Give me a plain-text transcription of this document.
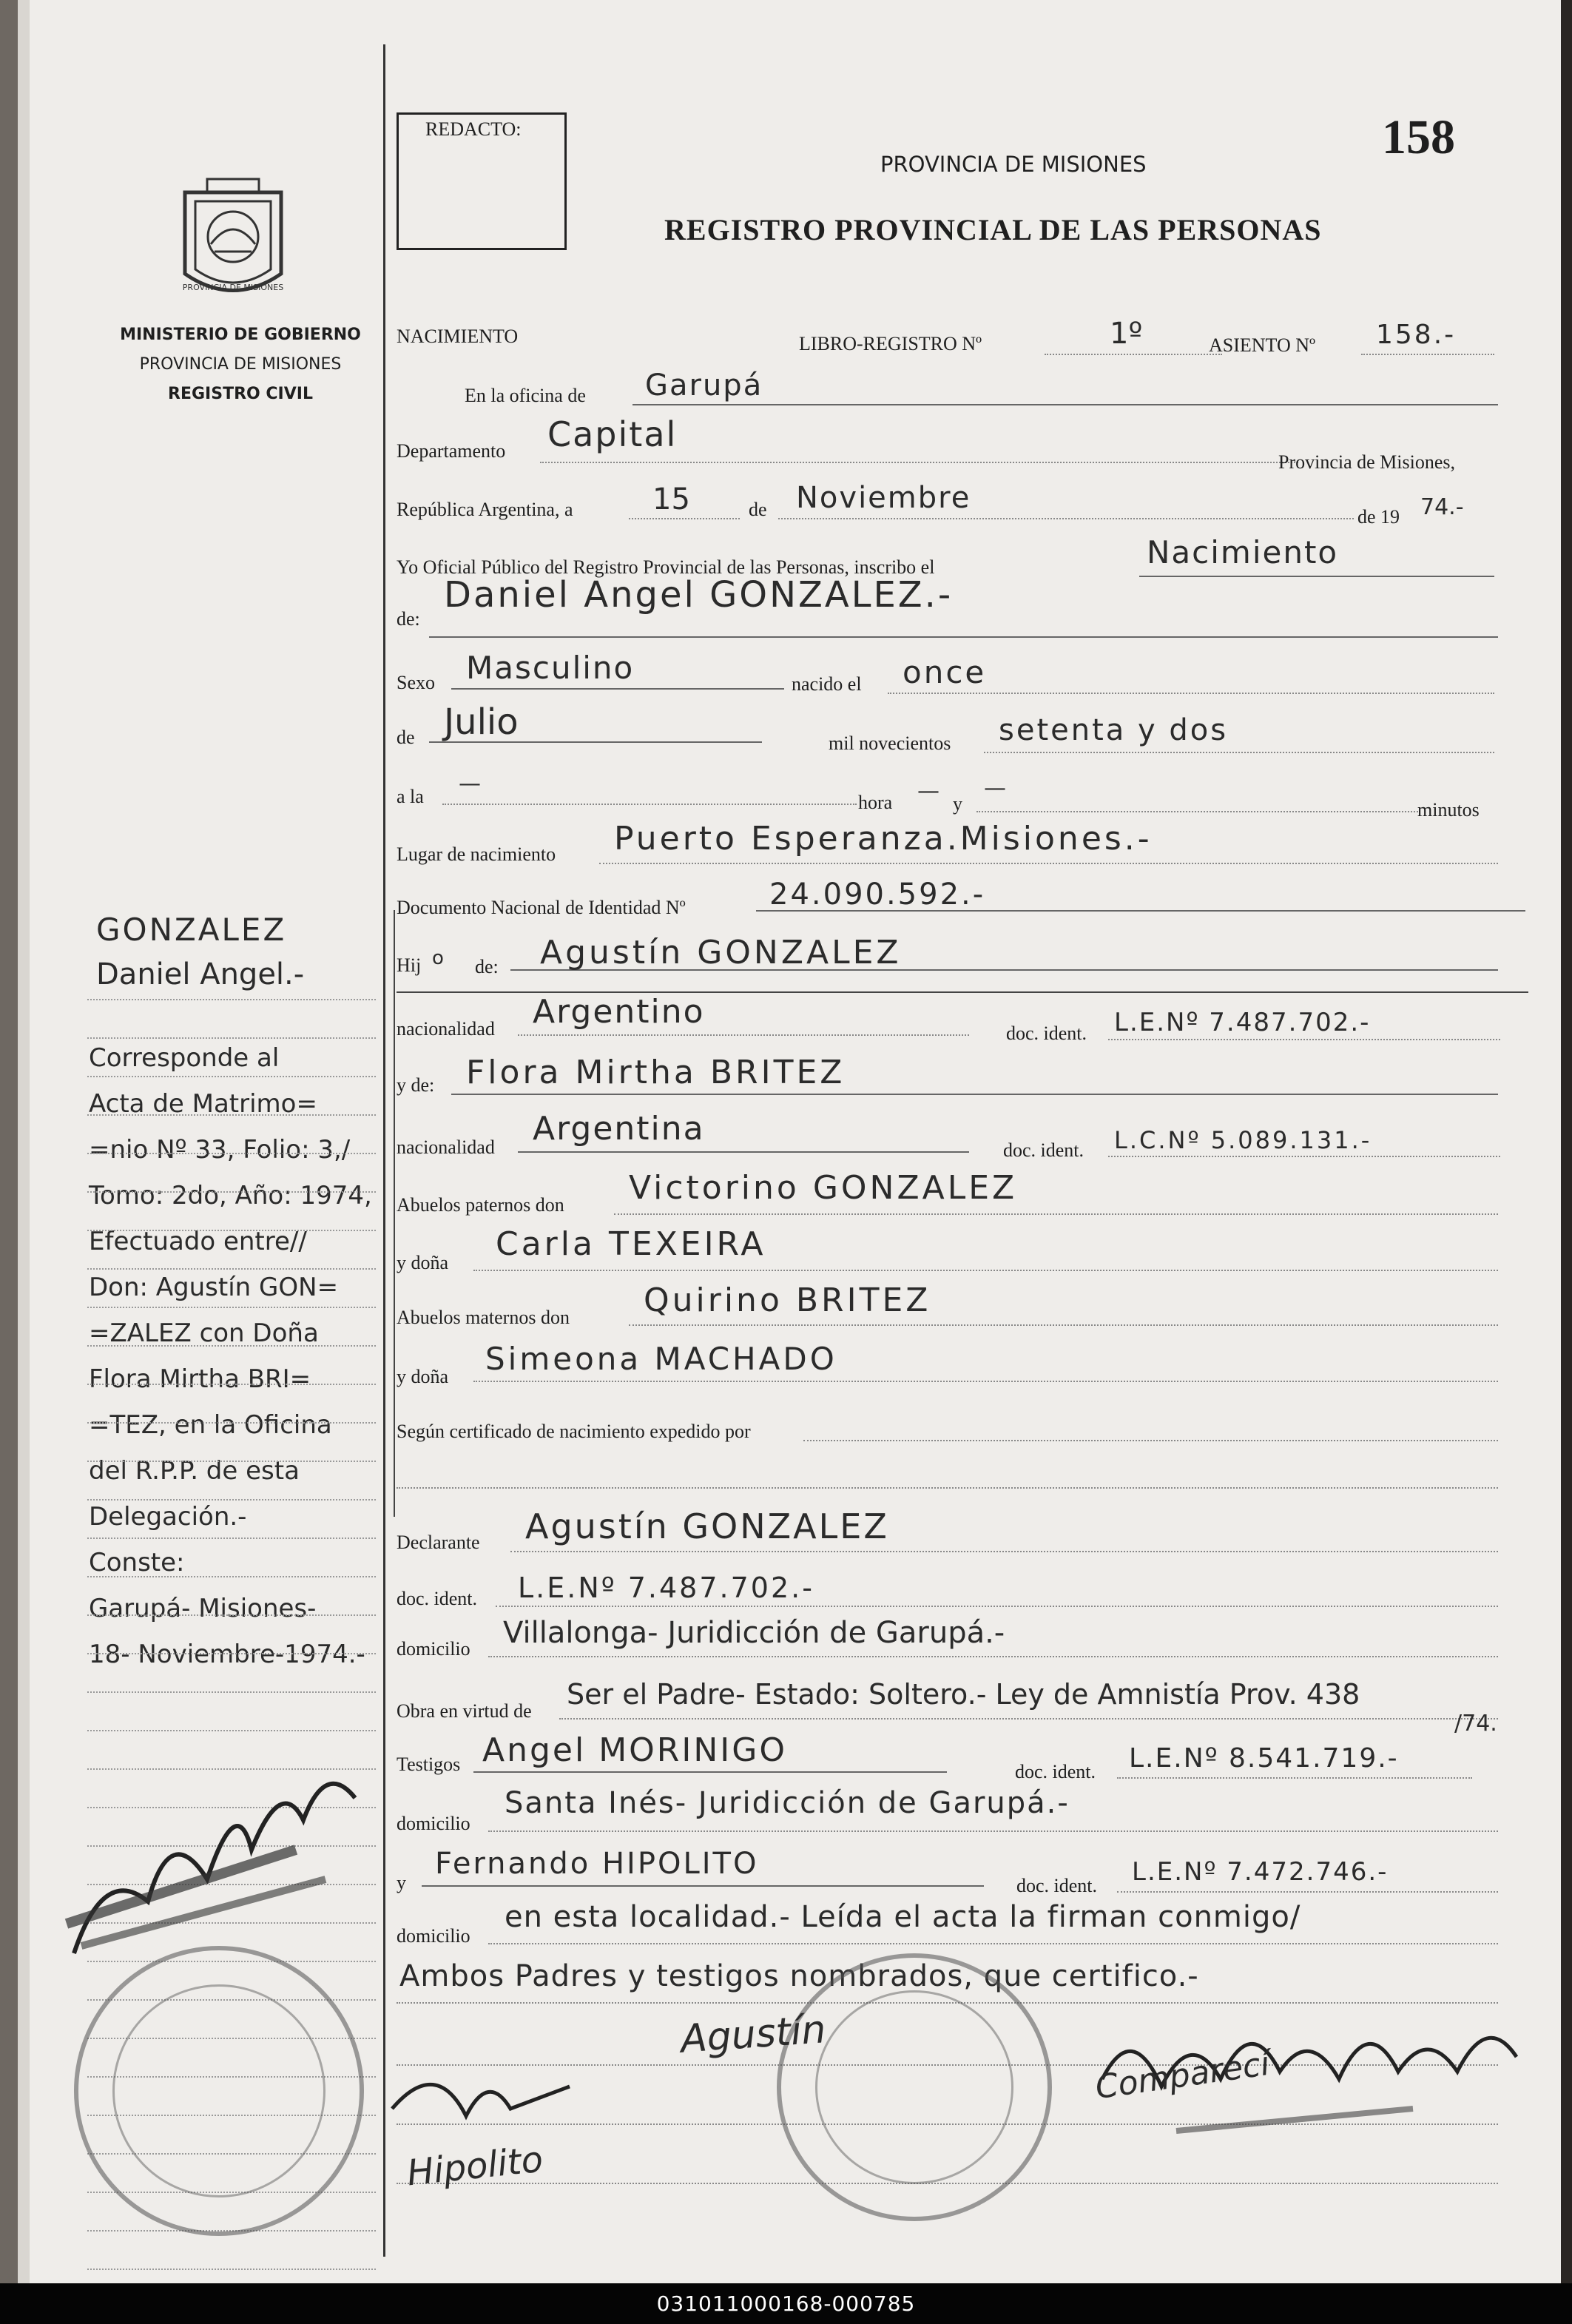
REDACTO:	158
PROVINCIA DE MISIONES
REGISTRO PROVINCIAL DE LAS PERSONAS
PROVINCIA DE MISIONES
MINISTERIO DE GOBIERNO
PROVINCIA DE MISIONES
REGISTRO CIVIL
NACIMIENTO	LIBRO-REGISTRO Nº	1º	ASIENTO Nº 158.-
En la oficina de Garupá
Departamento Capital
Provincia de Misiones,
República Argentina, a	15	de Noviembre
de 19 74.-
Yo Oficial Público del Registro Provincial de las Personas, inscribo el	Nacimiento
de:
Daniel Angel GONZALEZ.-
Sexo Masculino	nacido el once
de Julio
mil novecientos setenta y dos
a la —
hora — y
—
minutos
Lugar de nacimiento Puerto Esperanza.Misiones.-
Documento Nacional de Identidad Nº	24.090.592.-
Hij o de: Agustín GONZALEZ
nacionalidad Argentino
doc. ident. L.E.Nº 7.487.702.-
y de: Flora Mirtha BRITEZ
nacionalidad Argentina
doc. ident. L.C.Nº 5.089.131.-
Abuelos paternos don Victorino GONZALEZ
y doña Carla TEXEIRA
Abuelos maternos don Quirino BRITEZ
y doña Simeona MACHADO
Según certificado de nacimiento expedido por
Declarante Agustín GONZALEZ
doc. ident. L.E.Nº 7.487.702.-
domicilio Villalonga- Juridicción de Garupá.-
Obra en virtud de
Ser el Padre- Estado: Soltero.- Ley de Amnistía Prov. 438
/74.
Testigos Angel MORINIGO
doc. ident. L.E.Nº 8.541.719.-
domicilio
Santa Inés- Juridicción de Garupá.-
y
Fernando HIPOLITO
doc. ident. L.E.Nº 7.472.746.-
domicilio
en esta localidad.- Leída el acta la firman conmigo/
Ambos Padres y testigos nombrados, que certifico.-
GONZALEZ
Daniel Angel.-
Corresponde al
Acta de Matrimo=
=nio Nº 33, Folio: 3,/
Tomo: 2do, Año: 1974,
Efectuado entre//
Don: Agustín GON=
=ZALEZ con Doña
Flora Mirtha BRI=
=TEZ, en la Oficina
del R.P.P. de esta
Delegación.-
Conste:
Garupá- Misiones-
18- Noviembre-1974.-
Agustín
Hipolito
Comparecí
031011000168-000785
